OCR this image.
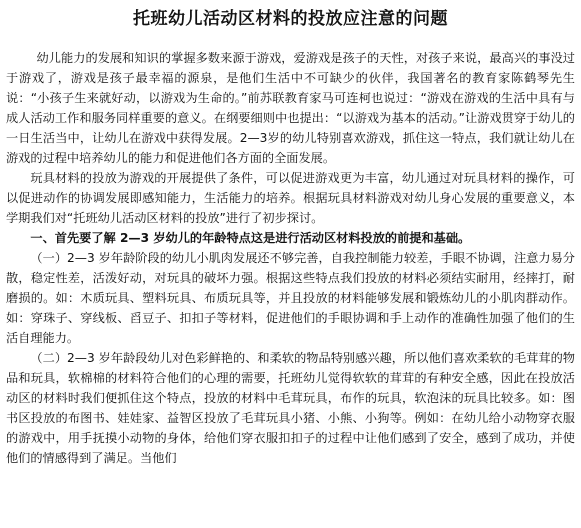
托班幼儿活动区材料的投放应注意的问题

幼儿能力的发展和知识的掌握多数来源于游戏，爱游戏是孩子的天性，对孩子来说，最高兴的事没过于游戏了，游戏是孩子最幸福的源泉，是他们生活中不可缺少的伙伴，我国著名的教育家陈鹤琴先生说：“小孩子生来就好动，以游戏为生命的。”前苏联教育家马可连柯也说过：“游戏在游戏的生活中具有与成人活动工作和服务同样重要的意义。在纲要细则中也提出：“以游戏为基本的活动。”让游戏贯穿于幼儿的一日生活当中，让幼儿在游戏中获得发展。2—3岁的幼儿特别喜欢游戏，抓住这一特点，我们就让幼儿在游戏的过程中培养幼儿的能力和促进他们各方面的全面发展。

玩具材料的投放为游戏的开展提供了条件，可以促进游戏更为丰富，幼儿通过对玩具材料的操作，可以促进动作的协调发展即感知能力，生活能力的培养。根据玩具材料游戏对幼儿身心发展的重要意义，本学期我们对“托班幼儿活动区材料的投放”进行了初步探讨。

一、首先要了解 2—3 岁幼儿的年龄特点这是进行活动区材料投放的前提和基础。

（一）2—3 岁年龄阶段的幼儿小肌肉发展还不够完善，自我控制能力较差，手眼不协调，注意力易分散，稳定性差，活泼好动，对玩具的破坏力强。根据这些特点我们投放的材料必须结实耐用，经摔打，耐磨损的。如：木质玩具、塑料玩具、布质玩具等，并且投放的材料能够发展和锻炼幼儿的小肌肉群动作。如：穿珠子、穿线板、舀豆子、扣扣子等材料，促进他们的手眼协调和手上动作的准确性加强了他们的生活自理能力。

（二）2—3 岁年龄段幼儿对色彩鲜艳的、和柔软的物品特别感兴趣，所以他们喜欢柔软的毛茸茸的物品和玩具，软棉棉的材料符合他们的心理的需要，托班幼儿觉得软软的茸茸的有种安全感，因此在投放活动区的材料时我们便抓住这个特点，投放的材料中毛茸玩具，布作的玩具，软泡沫的玩具比较多。如：图书区投放的布图书、娃娃家、益智区投放了毛茸玩具小猪、小熊、小狗等。例如：在幼儿给小动物穿衣服的游戏中，用手抚摸小动物的身体，给他们穿衣服扣扣子的过程中让他们感到了安全，感到了成功，并使他们的情感得到了满足。当他们
